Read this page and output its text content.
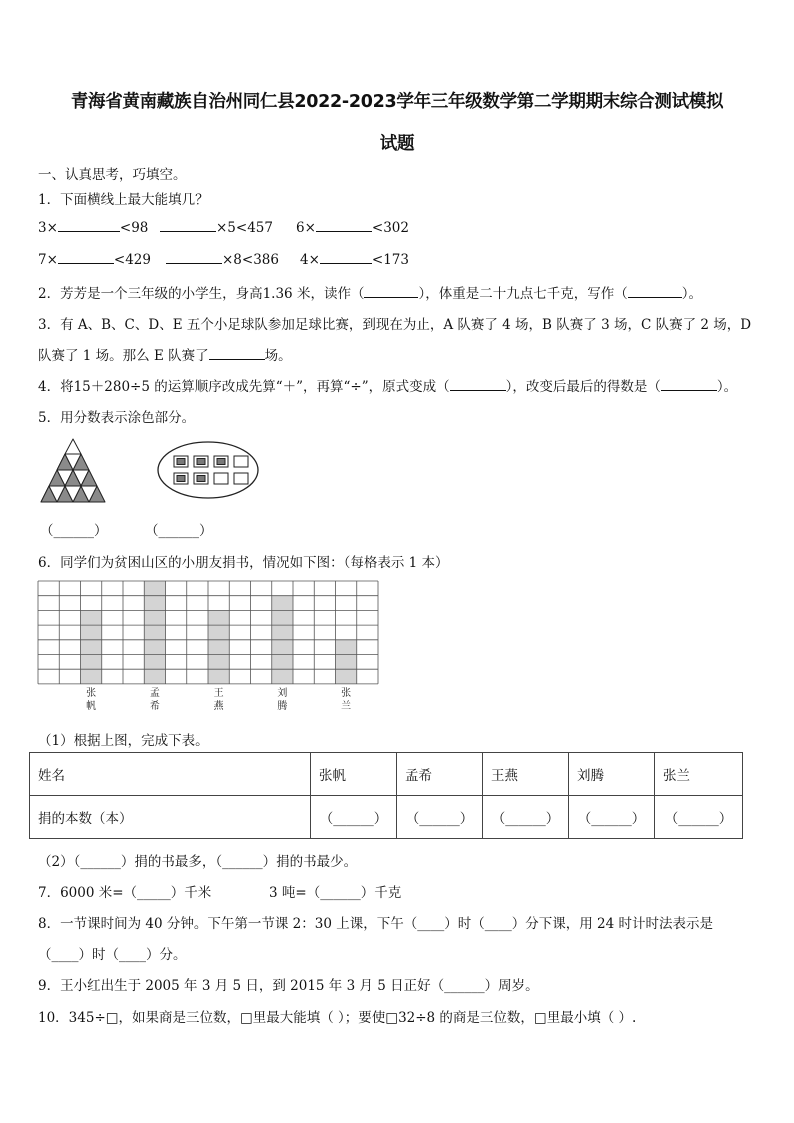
青海省黄南藏族自治州同仁县2022-2023学年三年级数学第二学期期末综合测试模拟
试题
一、认真思考，巧填空。
1．下面横线上最大能填几？
3×	<98	×5<457 6×	<302
7×	<429	×8<386 4×	<173
2．芳芳是一个三年级的小学生，身高1.36 米，读作（	），体重是二十九点七千克，写作（	）。
3．有 A、B、C、D、E 五个小足球队参加足球比赛，到现在为止，A 队赛了 4 场，B 队赛了 3 场，C 队赛了 2 场，D
队赛了 1 场。那么 E 队赛了	场。
4．将15＋280÷5 的运算顺序改成先算“＋”，再算“÷”，原式变成（	），改变后最后的得数是（	）。
5．用分数表示涂色部分。
（______）	（______）
6．同学们为贫困山区的小朋友捐书，情况如下图：（每格表示 1 本）
张
帆
孟
希
王
燕
刘
腾
张
兰
（1）根据上图，完成下表。
姓名	张帆	孟希	王燕	刘腾	张兰
捐的本数（本）	（______）	（______）	（______）	（______）	（______）
（2）（______）捐的书最多，（______）捐的书最少。
7．6000 米=（_____）千米	3 吨=（______）千克
8．一节课时间为 40 分钟。下午第一节课 2：30 上课，下午（____）时（____）分下课，用 24 时计时法表示是
（____）时（____）分。
9．王小红出生于 2005 年 3 月 5 日，到 2015 年 3 月 5 日正好（______）周岁。
10．345÷□，如果商是三位数，□里最大能填（ ）；要使□32÷8 的商是三位数，□里最小填（ ）.
